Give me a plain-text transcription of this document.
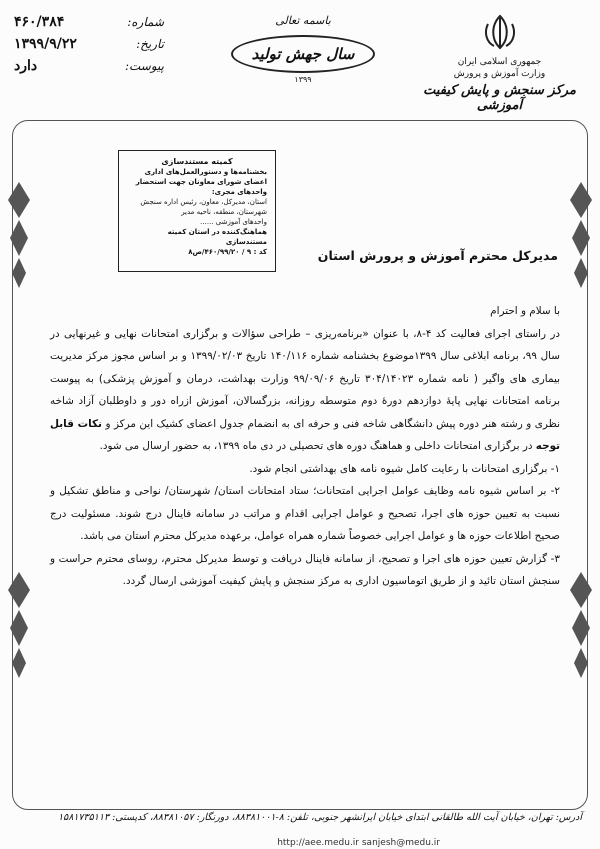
جمهوری اسلامی ایران
وزارت آموزش و پرورش
مرکز سنجش و پایش کیفیت آموزشی
باسمه تعالی
سال جهش تولید
۱۳۹۹
شماره:
۴۶۰/۳۸۴
تاریخ:
۱۳۹۹/۹/۲۲
پیوست:
دارد
کمیته مستندسازی
بخشنامه‌ها و دستورالعمل‌های اداری
اعضای شورای معاونان جهت استحضار
واحدهای مجری:
استان، مدیرکل، معاون، رئیس اداره سنجش
شهرستان، منطقه، ناحیه مدیر
واحدهای آموزشی ......
هماهنگ‌کننده در استان کمیته مستندسازی
کد : ۹ / ۴۶۰/۹۹/۲۰/ص۸	مدیرکل محترم آموزش و پرورش استان

با سلام و احترام

در راستای اجرای فعالیت کد ۴-۸، با عنوان «برنامه‌ریزی – طراحی سؤالات و برگزاری امتحانات نهایی و غیرنهایی در سال ۹۹، برنامه ابلاغی سال ۱۳۹۹موضوع بخشنامه شماره ۱۴۰/۱۱۶ تاریخ ۱۳۹۹/۰۲/۰۳ و بر اساس مجوز مرکز مدیریت بیماری های واگیر ( نامه شماره ۳۰۴/۱۴۰۲۳ تاریخ ۹۹/۰۹/۰۶ وزارت بهداشت، درمان و آموزش پزشکی) به پیوست برنامه امتحانات نهایی پایهٔ دوازدهم دورهٔ دوم متوسطه روزانه، بزرگسالان، آموزش ازراه دور و داوطلبان آزاد شاخه نظری و رشته هنر دوره پیش دانشگاهی شاخه فنی و حرفه ای به انضمام جدول اعضای کشیک این مرکز و نکات قابل توجه در برگزاری امتحانات داخلی و هماهنگ دوره های تحصیلی در دی ماه ۱۳۹۹، به حضور ارسال می شود.

۱- برگزاری امتحانات با رعایت کامل شیوه نامه های بهداشتی انجام شود.

۲- بر اساس شیوه نامه وظایف عوامل اجرایی امتحانات؛ ستاد امتحانات استان/ شهرستان/ نواحی و مناطق تشکیل و نسبت به تعیین حوزه های اجرا، تصحیح و عوامل اجرایی اقدام و مراتب در سامانه فاینال درج شوند. مسئولیت درج صحیح اطلاعات حوزه ها و عوامل اجرایی خصوصاً شماره همراه عوامل، برعهده مدیرکل محترم استان می باشد.

۳- گزارش تعیین حوزه های اجرا و تصحیح، از سامانه فاینال دریافت و توسط مدیرکل محترم، روسای محترم حراست و سنجش استان تائید و از طریق اتوماسیون اداری به مرکز سنجش و پایش کیفیت آموزشی ارسال گردد.

آدرس: تهران، خیابان آیت الله طالقانی ابتدای خیابان ایرانشهر جنوبی، تلفن: ۸-۸۸۳۸۱۰۰۱، دورنگار: ۸۸۳۸۱۰۵۷، کدپستی: ۱۵۸۱۷۳۵۱۱۳
http://aee.medu.ir sanjesh@medu.ir
